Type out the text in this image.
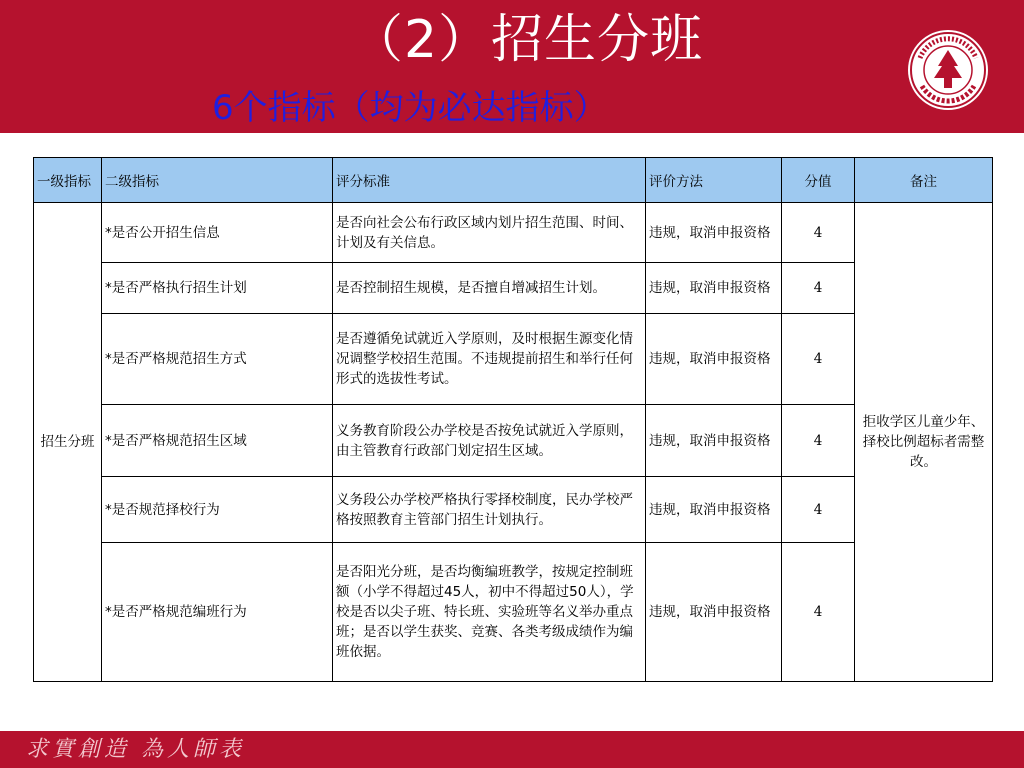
（2）招生分班
6个指标（均为必达指标）
一级指标	二级指标	评分标准	评价方法	分值	备注
招生分班	*是否公开招生信息	是否向社会公布行政区域内划片招生范围、时间、计划及有关信息。	违规，取消申报资格	4	拒收学区儿童少年、择校比例超标者需整改。
	*是否严格执行招生计划	是否控制招生规模，是否擅自增减招生计划。	违规，取消申报资格	4	
	*是否严格规范招生方式	是否遵循免试就近入学原则，及时根据生源变化情况调整学校招生范围。不违规提前招生和举行任何形式的选拔性考试。	违规，取消申报资格	4	
	*是否严格规范招生区域	义务教育阶段公办学校是否按免试就近入学原则，由主管教育行政部门划定招生区域。	违规，取消申报资格	4	
	*是否规范择校行为	义务段公办学校严格执行零择校制度，民办学校严格按照教育主管部门招生计划执行。	违规，取消申报资格	4	
	*是否严格规范编班行为	是否阳光分班，是否均衡编班教学，按规定控制班额（小学不得超过45人，初中不得超过50人），学校是否以尖子班、特长班、实验班等名义举办重点班；是否以学生获奖、竞赛、各类考级成绩作为编班依据。	违规，取消申报资格	4	
求實創造 為人師表
